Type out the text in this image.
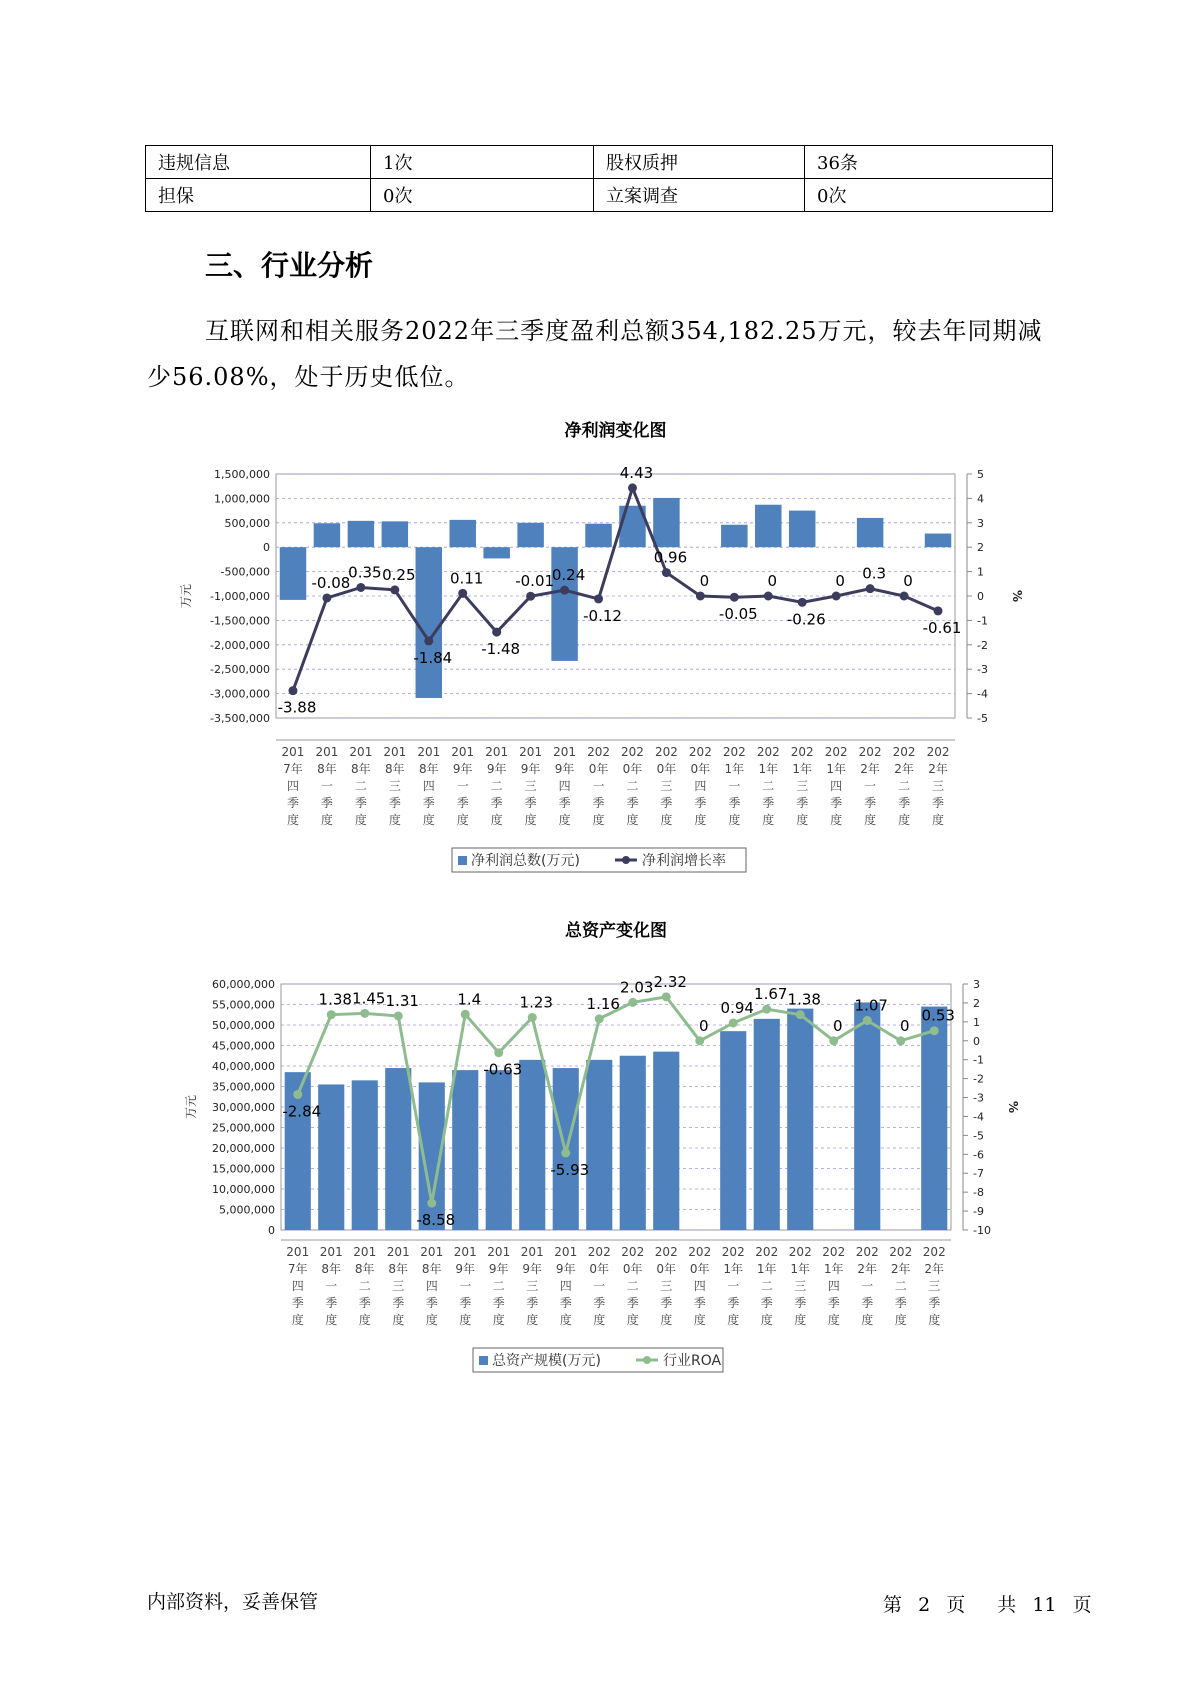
违规信息	1次	股权质押	36条
担保	0次	立案调查	0次
三、行业分析

互联网和相关服务2022年三季度盈利总额354,182.25万元，较去年同期减少56.08%，处于历史低位。

净利润变化图
1,500,000
1,000,000
500,000
0
-500,000
-1,000,000
-1,500,000
-2,000,000
-2,500,000
-3,000,000
-3,500,000
5
4
3
2
1
0
-1
-2
-3
-4
-5
万元	%
-3.88
-0.08
0.35 0.25
-1.84
0.11
-1.48
-0.01
0.24
-0.12
4.43
0.96
0
-0.05
0
-0.26
0 0.3 0
-0.61
201 7年四季度
201 8年一季度
201 8年二季度
201 8年三季度
201 8年四季度
201 9年一季度
201 9年二季度
201 9年三季度
201 9年四季度
202 0年一季度
202 0年二季度
202 0年三季度
202 0年四季度
202 1年一季度
202 1年二季度
202 1年三季度
202 1年四季度
202 2年一季度
202 2年二季度
202 2年三季度
净利润总数(万元)	净利润增长率
总资产变化图
60,000,000
55,000,000
50,000,000
45,000,000
40,000,000
35,000,000
30,000,000
25,000,000
20,000,000
15,000,000
10,000,000
5,000,000
0
3
2
1
0
-1
-2
-3
-4
-5
-6
-7
-8
-9
-10
万元	%
-2.84
1.38 1.45 1.31
-8.58
1.4
-0.63
1.23
-5.93
1.16
2.03 2.32
0
0.94
1.67 1.38
0
1.07
0
0.53
201 7年四季度
201 8年一季度
201 8年二季度
201 8年三季度
201 8年四季度
201 9年一季度
201 9年二季度
201 9年三季度
201 9年四季度
202 0年一季度
202 0年二季度
202 0年三季度
202 0年四季度
202 1年一季度
202 1年二季度
202 1年三季度
202 1年四季度
202 2年一季度
202 2年二季度
202 2年三季度
总资产规模(万元)	行业ROA
内部资料，妥善保管	第 2 页 共 11 页
